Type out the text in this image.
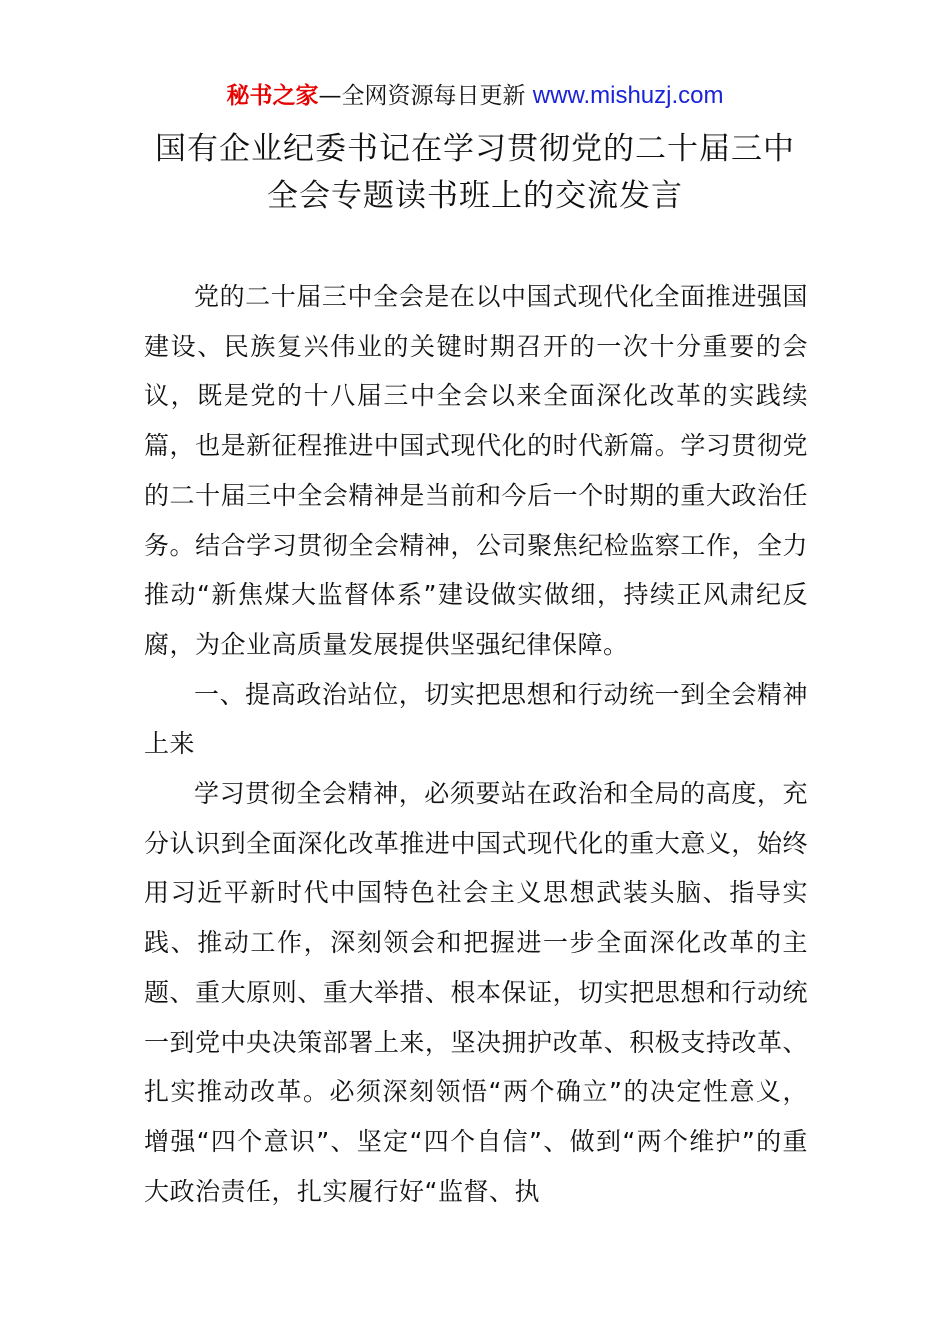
秘书之家—全网资源每日更新 www.mishuzj.com
国有企业纪委书记在学习贯彻党的二十届三中
全会专题读书班上的交流发言

党的二十届三中全会是在以中国式现代化全面推进强国建设、民族复兴伟业的关键时期召开的一次十分重要的会议，既是党的十八届三中全会以来全面深化改革的实践续篇，也是新征程推进中国式现代化的时代新篇。学习贯彻党的二十届三中全会精神是当前和今后一个时期的重大政治任务。结合学习贯彻全会精神，公司聚焦纪检监察工作，全力推动“新焦煤大监督体系”建设做实做细，持续正风肃纪反腐，为企业高质量发展提供坚强纪律保障。

一、提高政治站位，切实把思想和行动统一到全会精神上来

学习贯彻全会精神，必须要站在政治和全局的高度，充分认识到全面深化改革推进中国式现代化的重大意义，始终用习近平新时代中国特色社会主义思想武装头脑、指导实践、推动工作，深刻领会和把握进一步全面深化改革的主题、重大原则、重大举措、根本保证，切实把思想和行动统一到党中央决策部署上来，坚决拥护改革、积极支持改革、扎实推动改革。必须深刻领悟“两个确立”的决定性意义，增强“四个意识”、坚定“四个自信”、做到“两个维护”的重大政治责任，扎实履行好“监督、执
